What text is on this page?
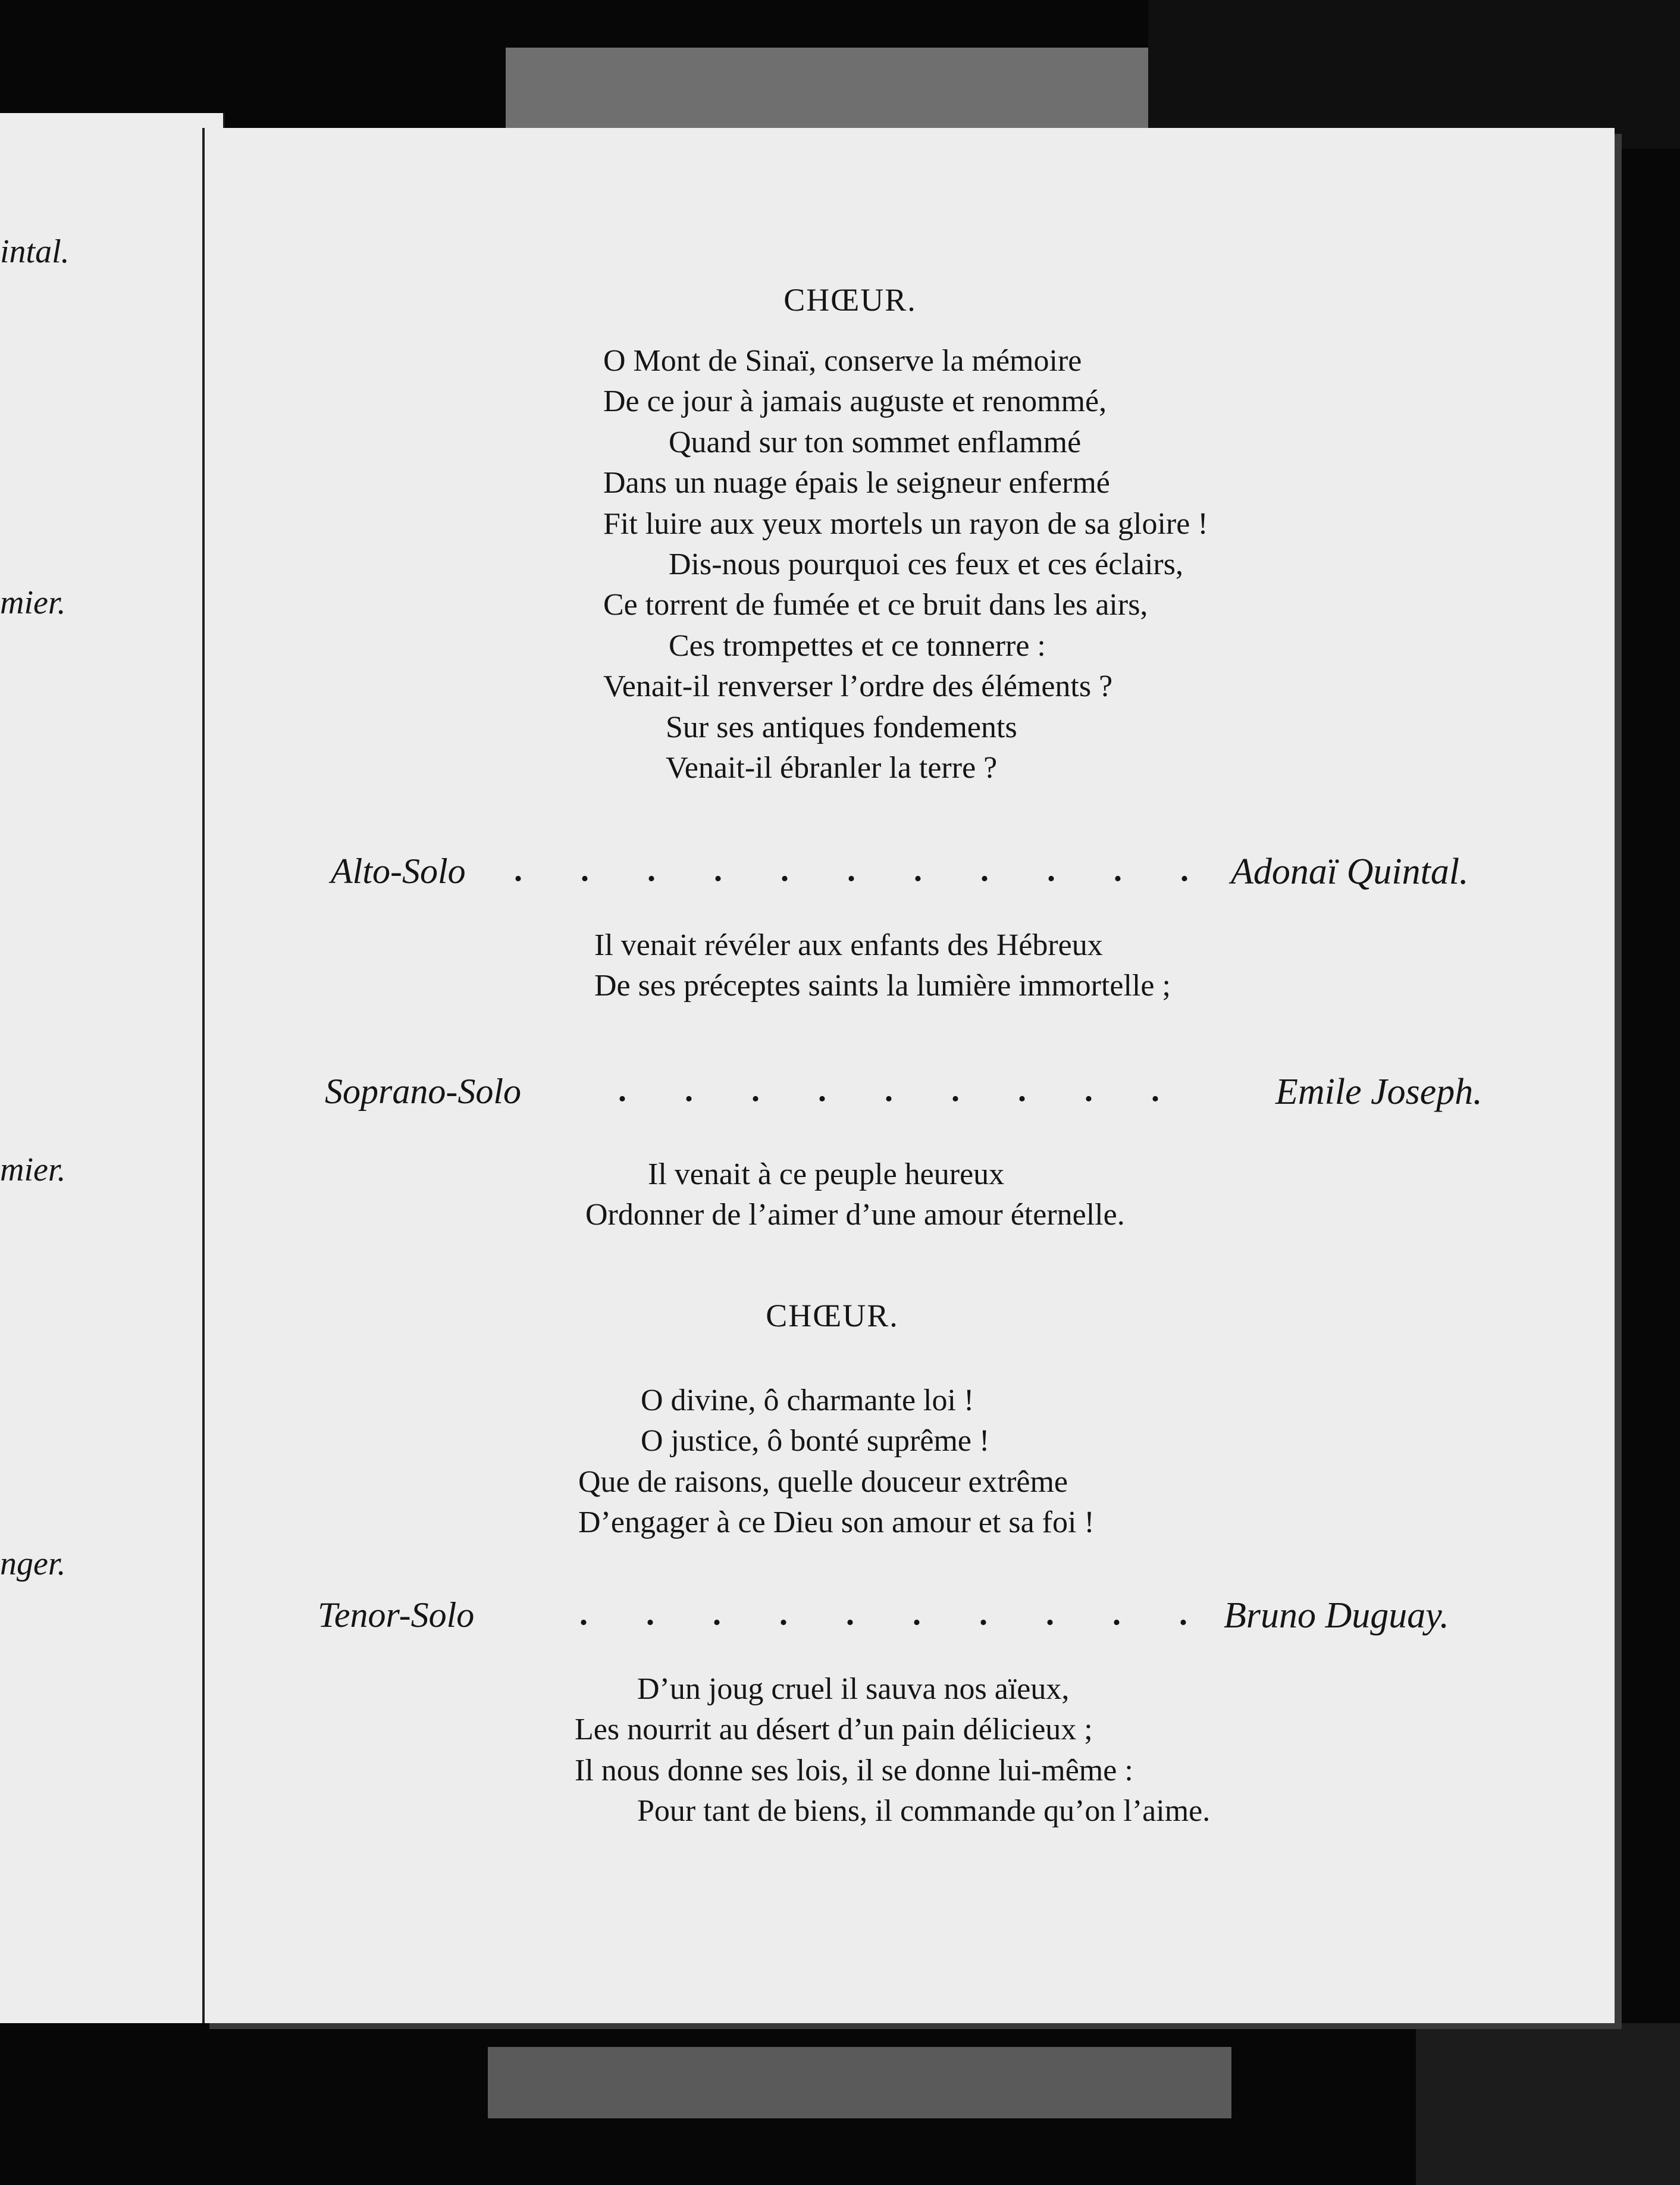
intal.
mier.
mier.
nger.
CHŒUR.
O Mont de Sinaï, conserve la mémoire
De ce jour à jamais auguste et renommé,
Quand sur ton sommet enflammé
Dans un nuage épais le seigneur enfermé
Fit luire aux yeux mortels un rayon de sa gloire !
Dis-nous pourquoi ces feux et ces éclairs,
Ce torrent de fumée et ce bruit dans les airs,
Ces trompettes et ce tonnerre :
Venait-il renverser l’ordre des éléments ?
Sur ses antiques fondements
Venait-il ébranler la terre ?
Alto-Solo . . . . . . . . . . . Adonaï Quintal.
Il venait révéler aux enfants des Hébreux
De ses préceptes saints la lumière immortelle ;
Soprano-Solo	. . . . . . . . . Emile Joseph.
Il venait à ce peuple heureux
Ordonner de l’aimer d’une amour éternelle.
CHŒUR.
O divine, ô charmante loi !
O justice, ô bonté suprême !
Que de raisons, quelle douceur extrême
D’engager à ce Dieu son amour et sa foi !
Tenor-Solo	. . . . . . . . . . Bruno Duguay.
D’un joug cruel il sauva nos aïeux,
Les nourrit au désert d’un pain délicieux ;
Il nous donne ses lois, il se donne lui-même :
Pour tant de biens, il commande qu’on l’aime.
